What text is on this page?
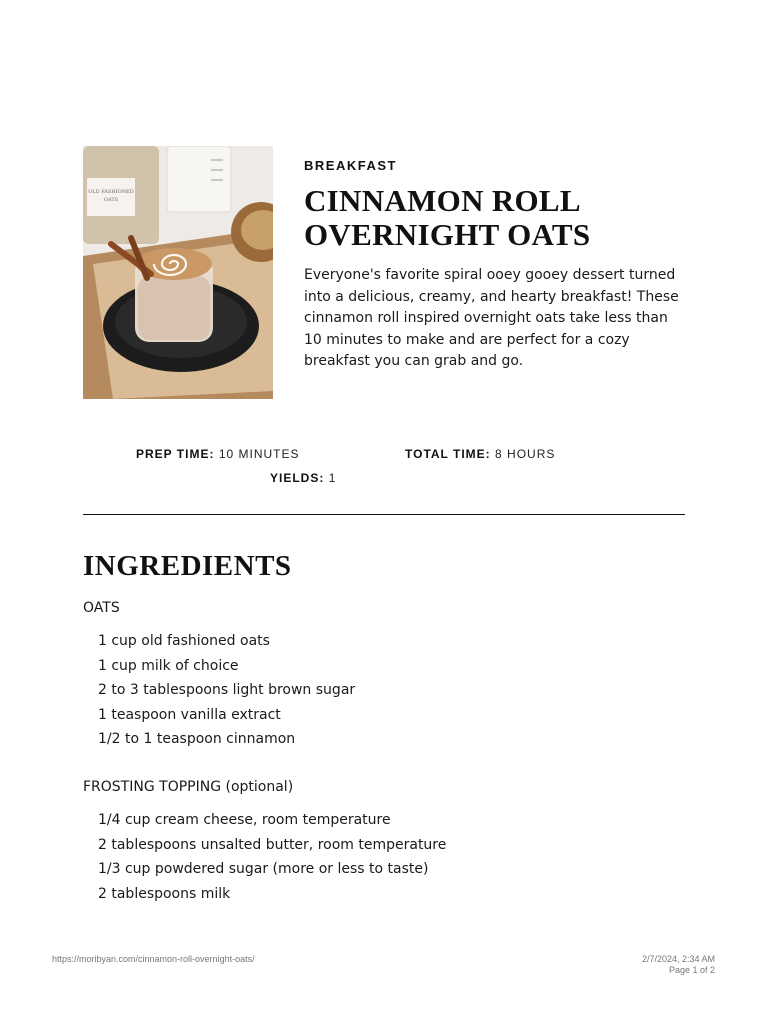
OLD FASHIONED
OATS
BREAKFAST
CINNAMON ROLL OVERNIGHT OATS

Everyone's favorite spiral ooey gooey dessert turned into a delicious, creamy, and hearty breakfast! These cinnamon roll inspired overnight oats take less than 10 minutes to make and are perfect for a cozy breakfast you can grab and go.

PREP TIME: 10 MINUTES	TOTAL TIME: 8 HOURS
YIELDS: 1
INGREDIENTS
OATS
1 cup old fashioned oats
1 cup milk of choice
2 to 3 tablespoons light brown sugar
1 teaspoon vanilla extract
1/2 to 1 teaspoon cinnamon
FROSTING TOPPING (optional)
1/4 cup cream cheese, room temperature
2 tablespoons unsalted butter, room temperature
1/3 cup powdered sugar (more or less to taste)
2 tablespoons milk
https://moribyan.com/cinnamon-roll-overnight-oats/	2/7/2024, 2:34 AM
Page 1 of 2
